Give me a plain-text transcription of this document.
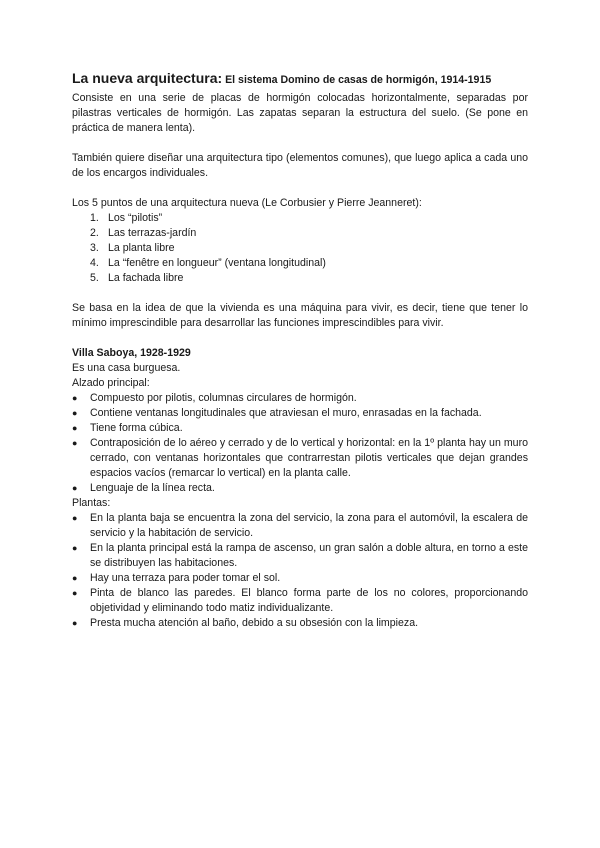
La nueva arquitectura: El sistema Domino de casas de hormigón, 1914-1915

Consiste en una serie de placas de hormigón colocadas horizontalmente, separadas por pilastras verticales de hormigón. Las zapatas separan la estructura del suelo. (Se pone en práctica de manera lenta).

También quiere diseñar una arquitectura tipo (elementos comunes), que luego aplica a cada uno de los encargos individuales.

Los 5 puntos de una arquitectura nueva (Le Corbusier y Pierre Jeanneret):

1. Los “pilotis”
2. Las terrazas-jardín
3. La planta libre
4. La “fenêtre en longueur” (ventana longitudinal)
5. La fachada libre

Se basa en la idea de que la vivienda es una máquina para vivir, es decir, tiene que tener lo mínimo imprescindible para desarrollar las funciones imprescindibles para vivir.

Villa Saboya, 1928-1929

Es una casa burguesa.

Alzado principal:

●	Compuesto por pilotis, columnas circulares de hormigón.
●	Contiene ventanas longitudinales que atraviesan el muro, enrasadas en la fachada.
●	Tiene forma cúbica.
●	Contraposición de lo aéreo y cerrado y de lo vertical y horizontal: en la 1º planta hay un muro cerrado, con ventanas horizontales que contrarrestan pilotis verticales que dejan grandes espacios vacíos (remarcar lo vertical) en la planta calle.
●	Lenguaje de la línea recta.

Plantas:

●	En la planta baja se encuentra la zona del servicio, la zona para el automóvil, la escalera de servicio y la habitación de servicio.
●	En la planta principal está la rampa de ascenso, un gran salón a doble altura, en torno a este se distribuyen las habitaciones.
●	Hay una terraza para poder tomar el sol.
●	Pinta de blanco las paredes. El blanco forma parte de los no colores, proporcionando objetividad y eliminando todo matiz individualizante.
●	Presta mucha atención al baño, debido a su obsesión con la limpieza.
